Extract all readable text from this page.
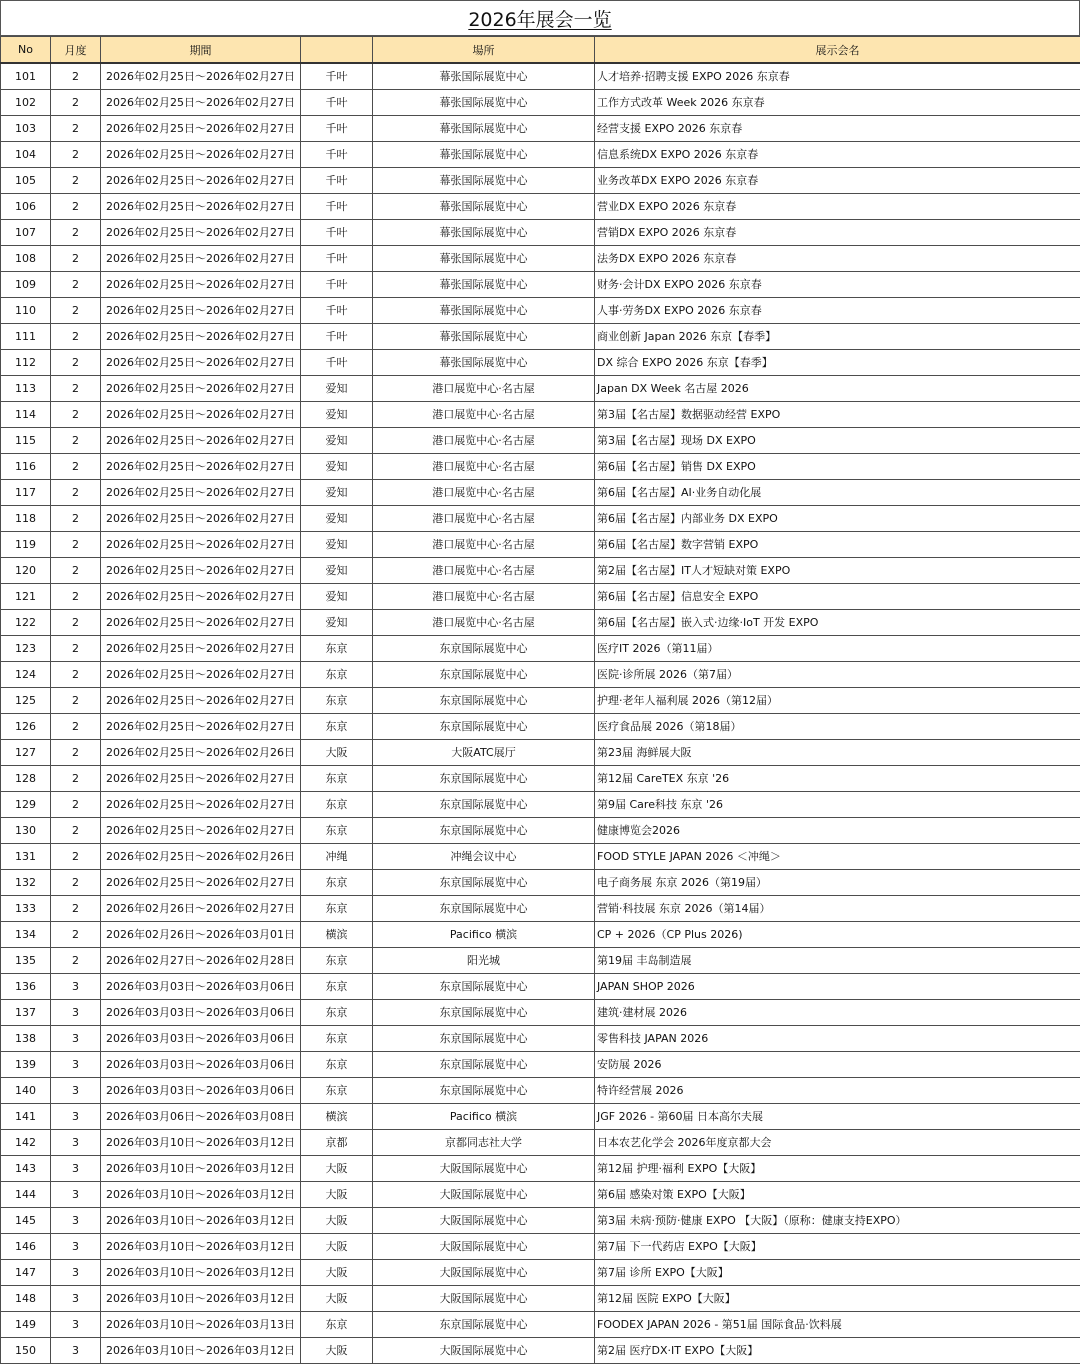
2026年展会一览
No	月度	期間		場所	展示会名
101	2	2026年02月25日～2026年02月27日	千叶	幕张国际展览中心	人才培养·招聘支援 EXPO 2026 东京春
102	2	2026年02月25日～2026年02月27日	千叶	幕张国际展览中心	工作方式改革 Week 2026 东京春
103	2	2026年02月25日～2026年02月27日	千叶	幕张国际展览中心	经营支援 EXPO 2026 东京春
104	2	2026年02月25日～2026年02月27日	千叶	幕张国际展览中心	信息系统DX EXPO 2026 东京春
105	2	2026年02月25日～2026年02月27日	千叶	幕张国际展览中心	业务改革DX EXPO 2026 东京春
106	2	2026年02月25日～2026年02月27日	千叶	幕张国际展览中心	营业DX EXPO 2026 东京春
107	2	2026年02月25日～2026年02月27日	千叶	幕张国际展览中心	营销DX EXPO 2026 东京春
108	2	2026年02月25日～2026年02月27日	千叶	幕张国际展览中心	法务DX EXPO 2026 东京春
109	2	2026年02月25日～2026年02月27日	千叶	幕张国际展览中心	财务·会计DX EXPO 2026 东京春
110	2	2026年02月25日～2026年02月27日	千叶	幕张国际展览中心	人事·劳务DX EXPO 2026 东京春
111	2	2026年02月25日～2026年02月27日	千叶	幕张国际展览中心	商业创新 Japan 2026 东京【春季】
112	2	2026年02月25日～2026年02月27日	千叶	幕张国际展览中心	DX 综合 EXPO 2026 东京【春季】
113	2	2026年02月25日～2026年02月27日	爱知	港口展览中心·名古屋	Japan DX Week 名古屋 2026
114	2	2026年02月25日～2026年02月27日	爱知	港口展览中心·名古屋	第3届【名古屋】数据驱动经营 EXPO
115	2	2026年02月25日～2026年02月27日	爱知	港口展览中心·名古屋	第3届【名古屋】现场 DX EXPO
116	2	2026年02月25日～2026年02月27日	爱知	港口展览中心·名古屋	第6届【名古屋】销售 DX EXPO
117	2	2026年02月25日～2026年02月27日	爱知	港口展览中心·名古屋	第6届【名古屋】AI·业务自动化展
118	2	2026年02月25日～2026年02月27日	爱知	港口展览中心·名古屋	第6届【名古屋】内部业务 DX EXPO
119	2	2026年02月25日～2026年02月27日	爱知	港口展览中心·名古屋	第6届【名古屋】数字营销 EXPO
120	2	2026年02月25日～2026年02月27日	爱知	港口展览中心·名古屋	第2届【名古屋】IT人才短缺对策 EXPO
121	2	2026年02月25日～2026年02月27日	爱知	港口展览中心·名古屋	第6届【名古屋】信息安全 EXPO
122	2	2026年02月25日～2026年02月27日	爱知	港口展览中心·名古屋	第6届【名古屋】嵌入式·边缘·IoT 开发 EXPO
123	2	2026年02月25日～2026年02月27日	东京	东京国际展览中心	医疗IT 2026（第11届）
124	2	2026年02月25日～2026年02月27日	东京	东京国际展览中心	医院·诊所展 2026（第7届）
125	2	2026年02月25日～2026年02月27日	东京	东京国际展览中心	护理·老年人福利展 2026（第12届）
126	2	2026年02月25日～2026年02月27日	东京	东京国际展览中心	医疗食品展 2026（第18届）
127	2	2026年02月25日～2026年02月26日	大阪	大阪ATC展厅	第23届 海鲜展大阪
128	2	2026年02月25日～2026年02月27日	东京	东京国际展览中心	第12届 CareTEX 东京 '26
129	2	2026年02月25日～2026年02月27日	东京	东京国际展览中心	第9届 Care科技 东京 '26
130	2	2026年02月25日～2026年02月27日	东京	东京国际展览中心	健康博览会2026
131	2	2026年02月25日～2026年02月26日	冲绳	冲绳会议中心	FOOD STYLE JAPAN 2026 ＜冲绳＞
132	2	2026年02月25日～2026年02月27日	东京	东京国际展览中心	电子商务展 东京 2026（第19届）
133	2	2026年02月26日～2026年02月27日	东京	东京国际展览中心	营销·科技展 东京 2026（第14届）
134	2	2026年02月26日～2026年03月01日	横滨	Pacifico 横滨	CP + 2026（CP Plus 2026)
135	2	2026年02月27日～2026年02月28日	东京	阳光城	第19届 丰岛制造展
136	3	2026年03月03日～2026年03月06日	东京	东京国际展览中心	JAPAN SHOP 2026
137	3	2026年03月03日～2026年03月06日	东京	东京国际展览中心	建筑·建材展 2026
138	3	2026年03月03日～2026年03月06日	东京	东京国际展览中心	零售科技 JAPAN 2026
139	3	2026年03月03日～2026年03月06日	东京	东京国际展览中心	安防展 2026
140	3	2026年03月03日～2026年03月06日	东京	东京国际展览中心	特许经营展 2026
141	3	2026年03月06日～2026年03月08日	横滨	Pacifico 横滨	JGF 2026 - 第60届 日本高尔夫展
142	3	2026年03月10日～2026年03月12日	京都	京都同志社大学	日本农艺化学会 2026年度京都大会
143	3	2026年03月10日～2026年03月12日	大阪	大阪国际展览中心	第12届 护理·福利 EXPO【大阪】
144	3	2026年03月10日～2026年03月12日	大阪	大阪国际展览中心	第6届 感染对策 EXPO【大阪】
145	3	2026年03月10日～2026年03月12日	大阪	大阪国际展览中心	第3届 未病·预防·健康 EXPO 【大阪】（原称：健康支持EXPO）
146	3	2026年03月10日～2026年03月12日	大阪	大阪国际展览中心	第7届 下一代药店 EXPO【大阪】
147	3	2026年03月10日～2026年03月12日	大阪	大阪国际展览中心	第7届 诊所 EXPO【大阪】
148	3	2026年03月10日～2026年03月12日	大阪	大阪国际展览中心	第12届 医院 EXPO【大阪】
149	3	2026年03月10日～2026年03月13日	东京	东京国际展览中心	FOODEX JAPAN 2026 - 第51届 国际食品·饮料展
150	3	2026年03月10日～2026年03月12日	大阪	大阪国际展览中心	第2届 医疗DX·IT EXPO【大阪】
